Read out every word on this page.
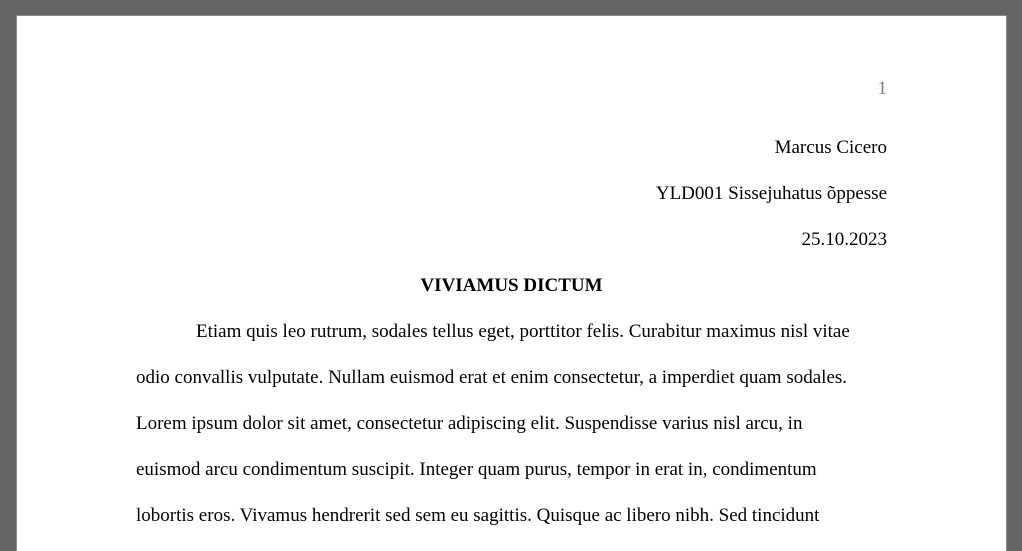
1
Marcus Cicero
YLD001 Sissejuhatus õppesse
25.10.2023
VIVIAMUS DICTUM
Etiam quis leo rutrum, sodales tellus eget, porttitor felis. Curabitur maximus nisl vitae
odio convallis vulputate. Nullam euismod erat et enim consectetur, a imperdiet quam sodales.
Lorem ipsum dolor sit amet, consectetur adipiscing elit. Suspendisse varius nisl arcu, in
euismod arcu condimentum suscipit. Integer quam purus, tempor in erat in, condimentum
lobortis eros. Vivamus hendrerit sed sem eu sagittis. Quisque ac libero nibh. Sed tincidunt
